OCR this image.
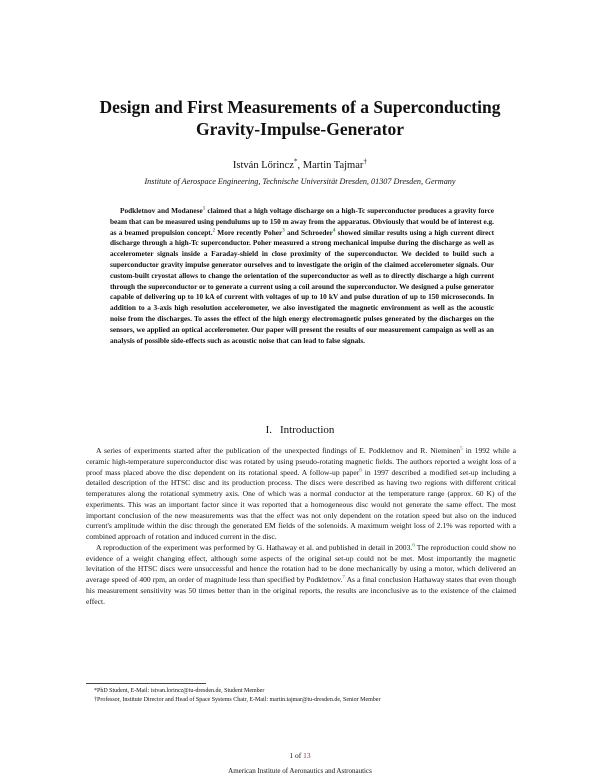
Design and First Measurements of a Superconducting
Gravity-Impulse-Generator
István Lőrincz*, Martin Tajmar†
Institute of Aerospace Engineering, Technische Universität Dresden, 01307 Dresden, Germany

Podkletnov and Modanese$^1$ claimed that a high voltage discharge on a high-Tc superconductor produces a gravity force beam that can be measured using pendulums up to 150 m away from the apparatus. Obviously that would be of interest e.g. as a beamed propulsion concept.$^2$ More recently Poher$^3$ and Schroeder$^4$ showed similar results using a high current direct discharge through a high-Tc superconductor. Poher measured a strong mechanical impulse during the discharge as well as accelerometer signals inside a Faraday-shield in close proximity of the superconductor. We decided to build such a superconductor gravity impulse generator ourselves and to investigate the origin of the claimed accelerometer signals. Our custom-built cryostat allows to change the orientation of the superconductor as well as to directly discharge a high current through the superconductor or to generate a current using a coil around the superconductor. We designed a pulse generator capable of delivering up to 10 kA of current with voltages of up to 10 kV and pulse duration of up to 150 microseconds. In addition to a 3-axis high resolution accelerometer, we also investigated the magnetic environment as well as the acoustic noise from the discharges. To asses the effect of the high energy electromagnetic pulses generated by the discharges on the sensors, we applied an optical accelerometer. Our paper will present the results of our measurement campaign as well as an analysis of possible side-effects such as acoustic noise that can lead to false signals.

I. Introduction

A series of experiments started after the publication of the unexpected findings of E. Podkletnov and R. Nieminen$^5$ in 1992 while a ceramic high-temperature superconductor disc was rotated by using pseudo-rotating magnetic fields. The authors reported a weight loss of a proof mass placed above the disc dependent on its rotational speed. A follow-up paper$^6$ in 1997 described a modified set-up including a detailed description of the HTSC disc and its production process. The discs were described as having two regions with different critical temperatures along the rotational symmetry axis. One of which was a normal conductor at the temperature range (approx. 60 K) of the experiments. This was an important factor since it was reported that a homogeneous disc would not generate the same effect. The most important conclusion of the new measurements was that the effect was not only dependent on the rotation speed but also on the induced current's amplitude within the disc through the generated EM fields of the solenoids. A maximum weight loss of 2.1% was reported with a combined approach of rotation and induced current in the disc.

A reproduction of the experiment was performed by G. Hathaway et al. and published in detail in 2003.$^6$ The reproduction could show no evidence of a weight changing effect, although some aspects of the original set-up could not be met. Most importantly the magnetic levitation of the HTSC discs were unsuccessful and hence the rotation had to be done mechanically by using a motor, which delivered an average speed of 400 rpm, an order of magnitude less than specified by Podkletnov.$^7$ As a final conclusion Hathaway states that even though his measurement sensitivity was 50 times better than in the original reports, the results are inconclusive as to the existence of the claimed effect.

*PhD Student, E-Mail: istvan.lorincz@tu-dresden.de, Student Member
†Professor, Institute Director and Head of Space Systems Chair, E-Mail: martin.tajmar@tu-dresden.de, Senior Member
1 of 13
American Institute of Aeronautics and Astronautics
